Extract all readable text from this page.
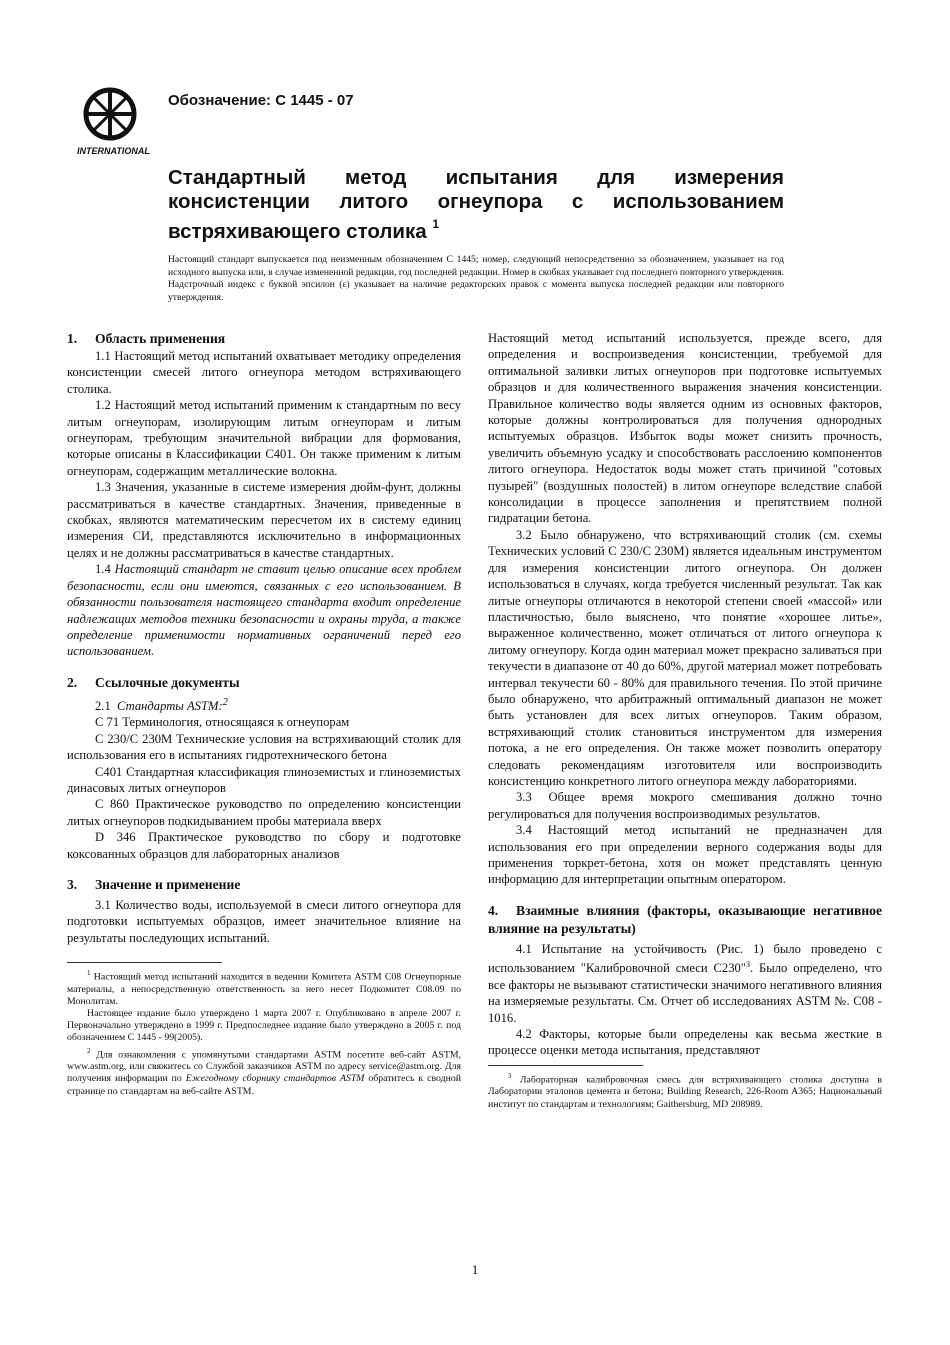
INTERNATIONAL
Обозначение: С 1445 - 07
Стандартный метод испытания для измерения консистенции литого огнеупора с использованием встряхивающего столика $^1$
Настоящий стандарт выпускается под неизменным обозначением C 1445; номер, следующий непосредственно за обозначением, указывает на год исходного выпуска или, в случае измененной редакции, год последней редакции. Номер в скобках указывает год последнего повторного утверждения. Надстрочный индекс с буквой эпсилон (ε) указывает на наличие редакторских правок с момента выпуска последней редакции или повторного утверждения.
1. Область применения

1.1 Настоящий метод испытаний охватывает методику определения консистенции смесей литого огнеупора методом встряхивающего столика.

1.2 Настоящий метод испытаний применим к стандартным по весу литым огнеупорам, изолирующим литым огнеупорам и литым огнеупорам, требующим значительной вибрации для формования, которые описаны в Классификации C401. Он также применим к литым огнеупорам, содержащим металлические волокна.

1.3 Значения, указанные в системе измерения дюйм-фунт, должны рассматриваться в качестве стандартных. Значения, приведенные в скобках, являются математическим пересчетом их в систему единиц измерения СИ, представляются исключительно в информационных целях и не должны рассматриваться в качестве стандартных.

1.4 Настоящий стандарт не ставит целью описание всех проблем безопасности, если они имеются, связанных с его использованием. В обязанности пользователя настоящего стандарта входит определение надлежащих методов техники безопасности и охраны труда, а также определение применимости нормативных ограничений перед его использованием.

2. Ссылочные документы

2.1 Стандарты ASTM:$^2$

C 71 Терминология, относящаяся к огнеупорам

C 230/C 230M Технические условия на встряхивающий столик для использования его в испытаниях гидротехнического бетона

C401 Стандартная классификация глиноземистых и глиноземистых динасовых литых огнеупоров

C 860 Практическое руководство по определению консистенции литых огнеупоров подкидыванием пробы материала вверх

D 346 Практическое руководство по сбору и подготовке коксованных образцов для лабораторных анализов

3. Значение и применение

3.1 Количество воды, используемой в смеси литого огнеупора для подготовки испытуемых образцов, имеет значительное влияние на результаты последующих испытаний.

$^1$ Настоящий метод испытаний находится в ведении Комитета ASTM C08 Огнеупорные материалы, а непосредственную ответственность за него несет Подкомитет C08.09 по Монолитам.

Настоящее издание было утверждено 1 марта 2007 г. Опубликовано в апреле 2007 г. Первоначально утверждено в 1999 г. Предпоследнее издание было утверждено в 2005 г. под обозначением C 1445 - 99(2005).

$^2$ Для ознакомления с упомянутыми стандартами ASTM посетите веб-сайт ASTM, www.astm.org, или свяжитесь со Службой заказчиков ASTM по адресу service@astm.org. Для получения информации по Ежегодному сборнику стандартов ASTM обратитесь к сводной странице по стандартам на веб-сайте ASTM.

Настоящий метод испытаний используется, прежде всего, для определения и воспроизведения консистенции, требуемой для оптимальной заливки литых огнеупоров при подготовке испытуемых образцов и для количественного выражения значения консистенции. Правильное количество воды является одним из основных факторов, которые должны контролироваться для получения однородных испытуемых образцов. Избыток воды может снизить прочность, увеличить объемную усадку и способствовать расслоению компонентов литого огнеупора. Недостаток воды может стать причиной "сотовых пузырей" (воздушных полостей) в литом огнеупоре вследствие слабой консолидации в процессе заполнения и препятствием полной гидратации бетона.

3.2 Было обнаружено, что встряхивающий столик (см. схемы Технических условий C 230/C 230M) является идеальным инструментом для измерения консистенции литого огнеупора. Он должен использоваться в случаях, когда требуется численный результат. Так как литые огнеупоры отличаются в некоторой степени своей «массой» или пластичностью, было выяснено, что понятие «хорошее литье», выраженное количественно, может отличаться от литого огнеупора к литому огнеупору. Когда один материал может прекрасно заливаться при текучести в диапазоне от 40 до 60%, другой материал может потребовать интервал текучести 60 - 80% для правильного течения. По этой причине было обнаружено, что арбитражный оптимальный диапазон не может быть установлен для всех литых огнеупоров. Таким образом, встряхивающий столик становиться инструментом для измерения потока, а не его определения. Он также может позволить оператору следовать рекомендациям изготовителя или воспроизводить консистенцию конкретного литого огнеупора между лабораториями.

3.3 Общее время мокрого смешивания должно точно регулироваться для получения воспроизводимых результатов.

3.4 Настоящий метод испытаний не предназначен для использования его при определении верного содержания воды для применения торкрет-бетона, хотя он может представлять ценную информацию для интерпретации опытным оператором.

4. Взаимные влияния (факторы, оказывающие негативное влияние на результаты)

4.1 Испытание на устойчивость (Рис. 1) было проведено с использованием "Калибровочной смеси C230"$^3$. Было определено, что все факторы не вызывают статистически значимого негативного влияния на измеряемые результаты. См. Отчет об исследованиях ASTM №. C08 - 1016.

4.2 Факторы, которые были определены как весьма жесткие в процессе оценки метода испытания, представляют

$^3$ Лабораторная калибровочная смесь для встряхивающего столика доступна в Лаборатории эталонов цемента и бетона; Building Research, 226-Room A365; Национальный институт по стандартам и технологиям; Gaithersburg, MD 208989.

1
